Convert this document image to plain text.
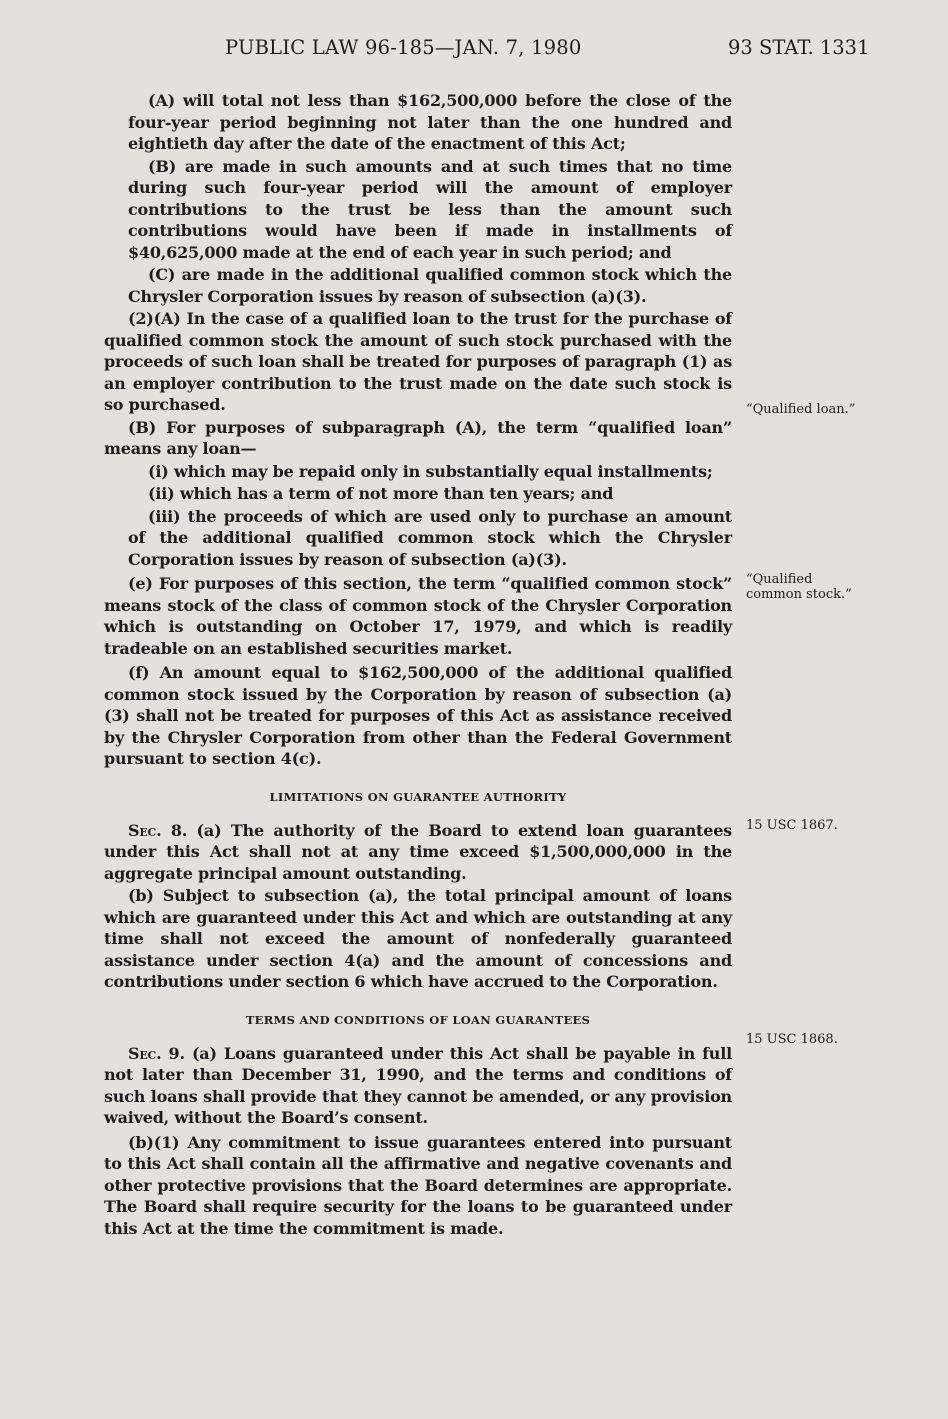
PUBLIC LAW 96-185—JAN. 7, 1980	93 STAT. 1331

(A) will total not less than $162,500,000 before the close of the four-year period beginning not later than the one hundred and eightieth day after the date of the enactment of this Act;

(B) are made in such amounts and at such times that no time during such four-year period will the amount of employer contributions to the trust be less than the amount such contributions would have been if made in installments of $40,625,000 made at the end of each year in such period; and

(C) are made in the additional qualified common stock which the Chrysler Corporation issues by reason of subsection (a)(3).

(2)(A) In the case of a qualified loan to the trust for the purchase of qualified common stock the amount of such stock purchased with the proceeds of such loan shall be treated for purposes of paragraph (1) as an employer contribution to the trust made on the date such stock is so purchased.

(B) For purposes of subparagraph (A), the term “qualified loan” means any loan—

(i) which may be repaid only in substantially equal installments;

(ii) which has a term of not more than ten years; and

(iii) the proceeds of which are used only to purchase an amount of the additional qualified common stock which the Chrysler Corporation issues by reason of subsection (a)(3).

(e) For purposes of this section, the term “qualified common stock” means stock of the class of common stock of the Chrysler Corporation which is outstanding on October 17, 1979, and which is readily tradeable on an established securities market.

(f) An amount equal to $162,500,000 of the additional qualified common stock issued by the Corporation by reason of subsection (a)(3) shall not be treated for purposes of this Act as assistance received by the Chrysler Corporation from other than the Federal Government pursuant to section 4(c).

LIMITATIONS ON GUARANTEE AUTHORITY

Sec. 8. (a) The authority of the Board to extend loan guarantees under this Act shall not at any time exceed $1,500,000,000 in the aggregate principal amount outstanding.

(b) Subject to subsection (a), the total principal amount of loans which are guaranteed under this Act and which are outstanding at any time shall not exceed the amount of nonfederally guaranteed assistance under section 4(a) and the amount of concessions and contributions under section 6 which have accrued to the Corporation.

TERMS AND CONDITIONS OF LOAN GUARANTEES

Sec. 9. (a) Loans guaranteed under this Act shall be payable in full not later than December 31, 1990, and the terms and conditions of such loans shall provide that they cannot be amended, or any provision waived, without the Board’s consent.

(b)(1) Any commitment to issue guarantees entered into pursuant to this Act shall contain all the affirmative and negative covenants and other protective provisions that the Board determines are appropriate. The Board shall require security for the loans to be guaranteed under this Act at the time the commitment is made.

“Qualified loan.”
“Qualified
common stock.”
15 USC 1867.
15 USC 1868.
